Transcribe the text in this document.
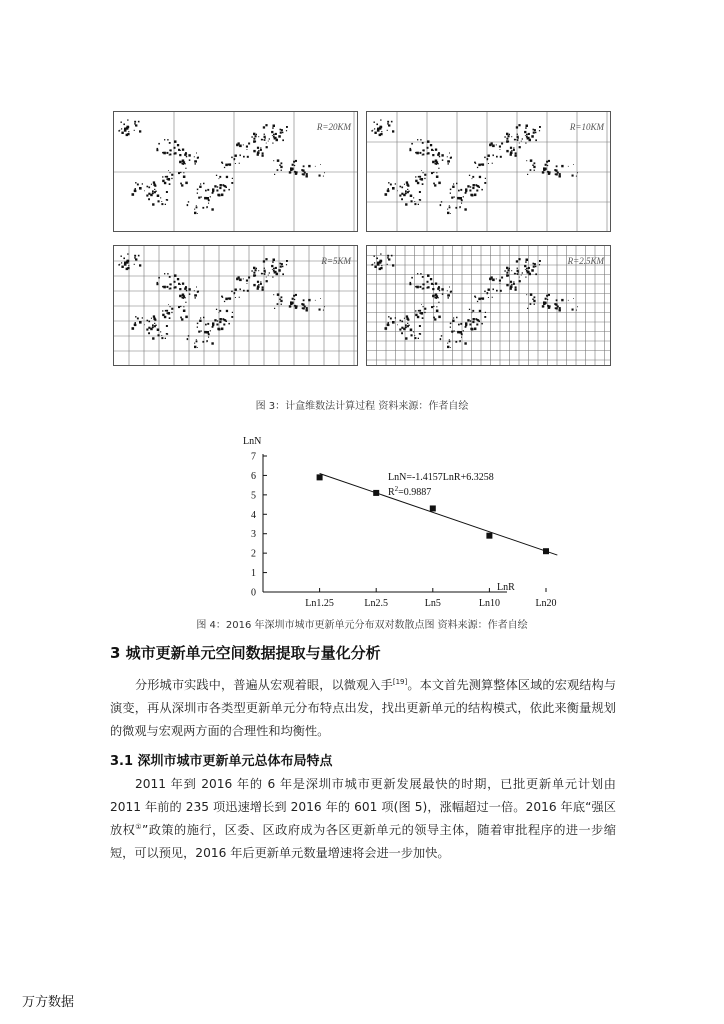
R=20KM	R=10KM
R=5KM	R=2.5KM
图 3：计盒维数法计算过程 资料来源：作者自绘
LnN
0
1
2
3
4
5
6
7
Ln1.25	Ln2.5	Ln5	Ln10	Ln20
LnR
LnN=-1.4157LnR+6.3258
$R^2=0.9887$
图 4：2016 年深圳市城市更新单元分布双对数散点图 资料来源：作者自绘
3 城市更新单元空间数据提取与量化分析

分形城市实践中，普遍从宏观着眼，以微观入手[19]。本文首先测算整体区域的宏观结构与演变，再从深圳市各类型更新单元分布特点出发，找出更新单元的结构模式，依此来衡量规划的微观与宏观两方面的合理性和均衡性。

3.1 深圳市城市更新单元总体布局特点

2011 年到 2016 年的 6 年是深圳市城市更新发展最快的时期，已批更新单元计划由 2011 年前的 235 项迅速增长到 2016 年的 601 项(图 5)，涨幅超过一倍。2016 年底“强区放权①”政策的施行，区委、区政府成为各区更新单元的领导主体，随着审批程序的进一步缩短，可以预见，2016 年后更新单元数量增速将会进一步加快。

万方数据
